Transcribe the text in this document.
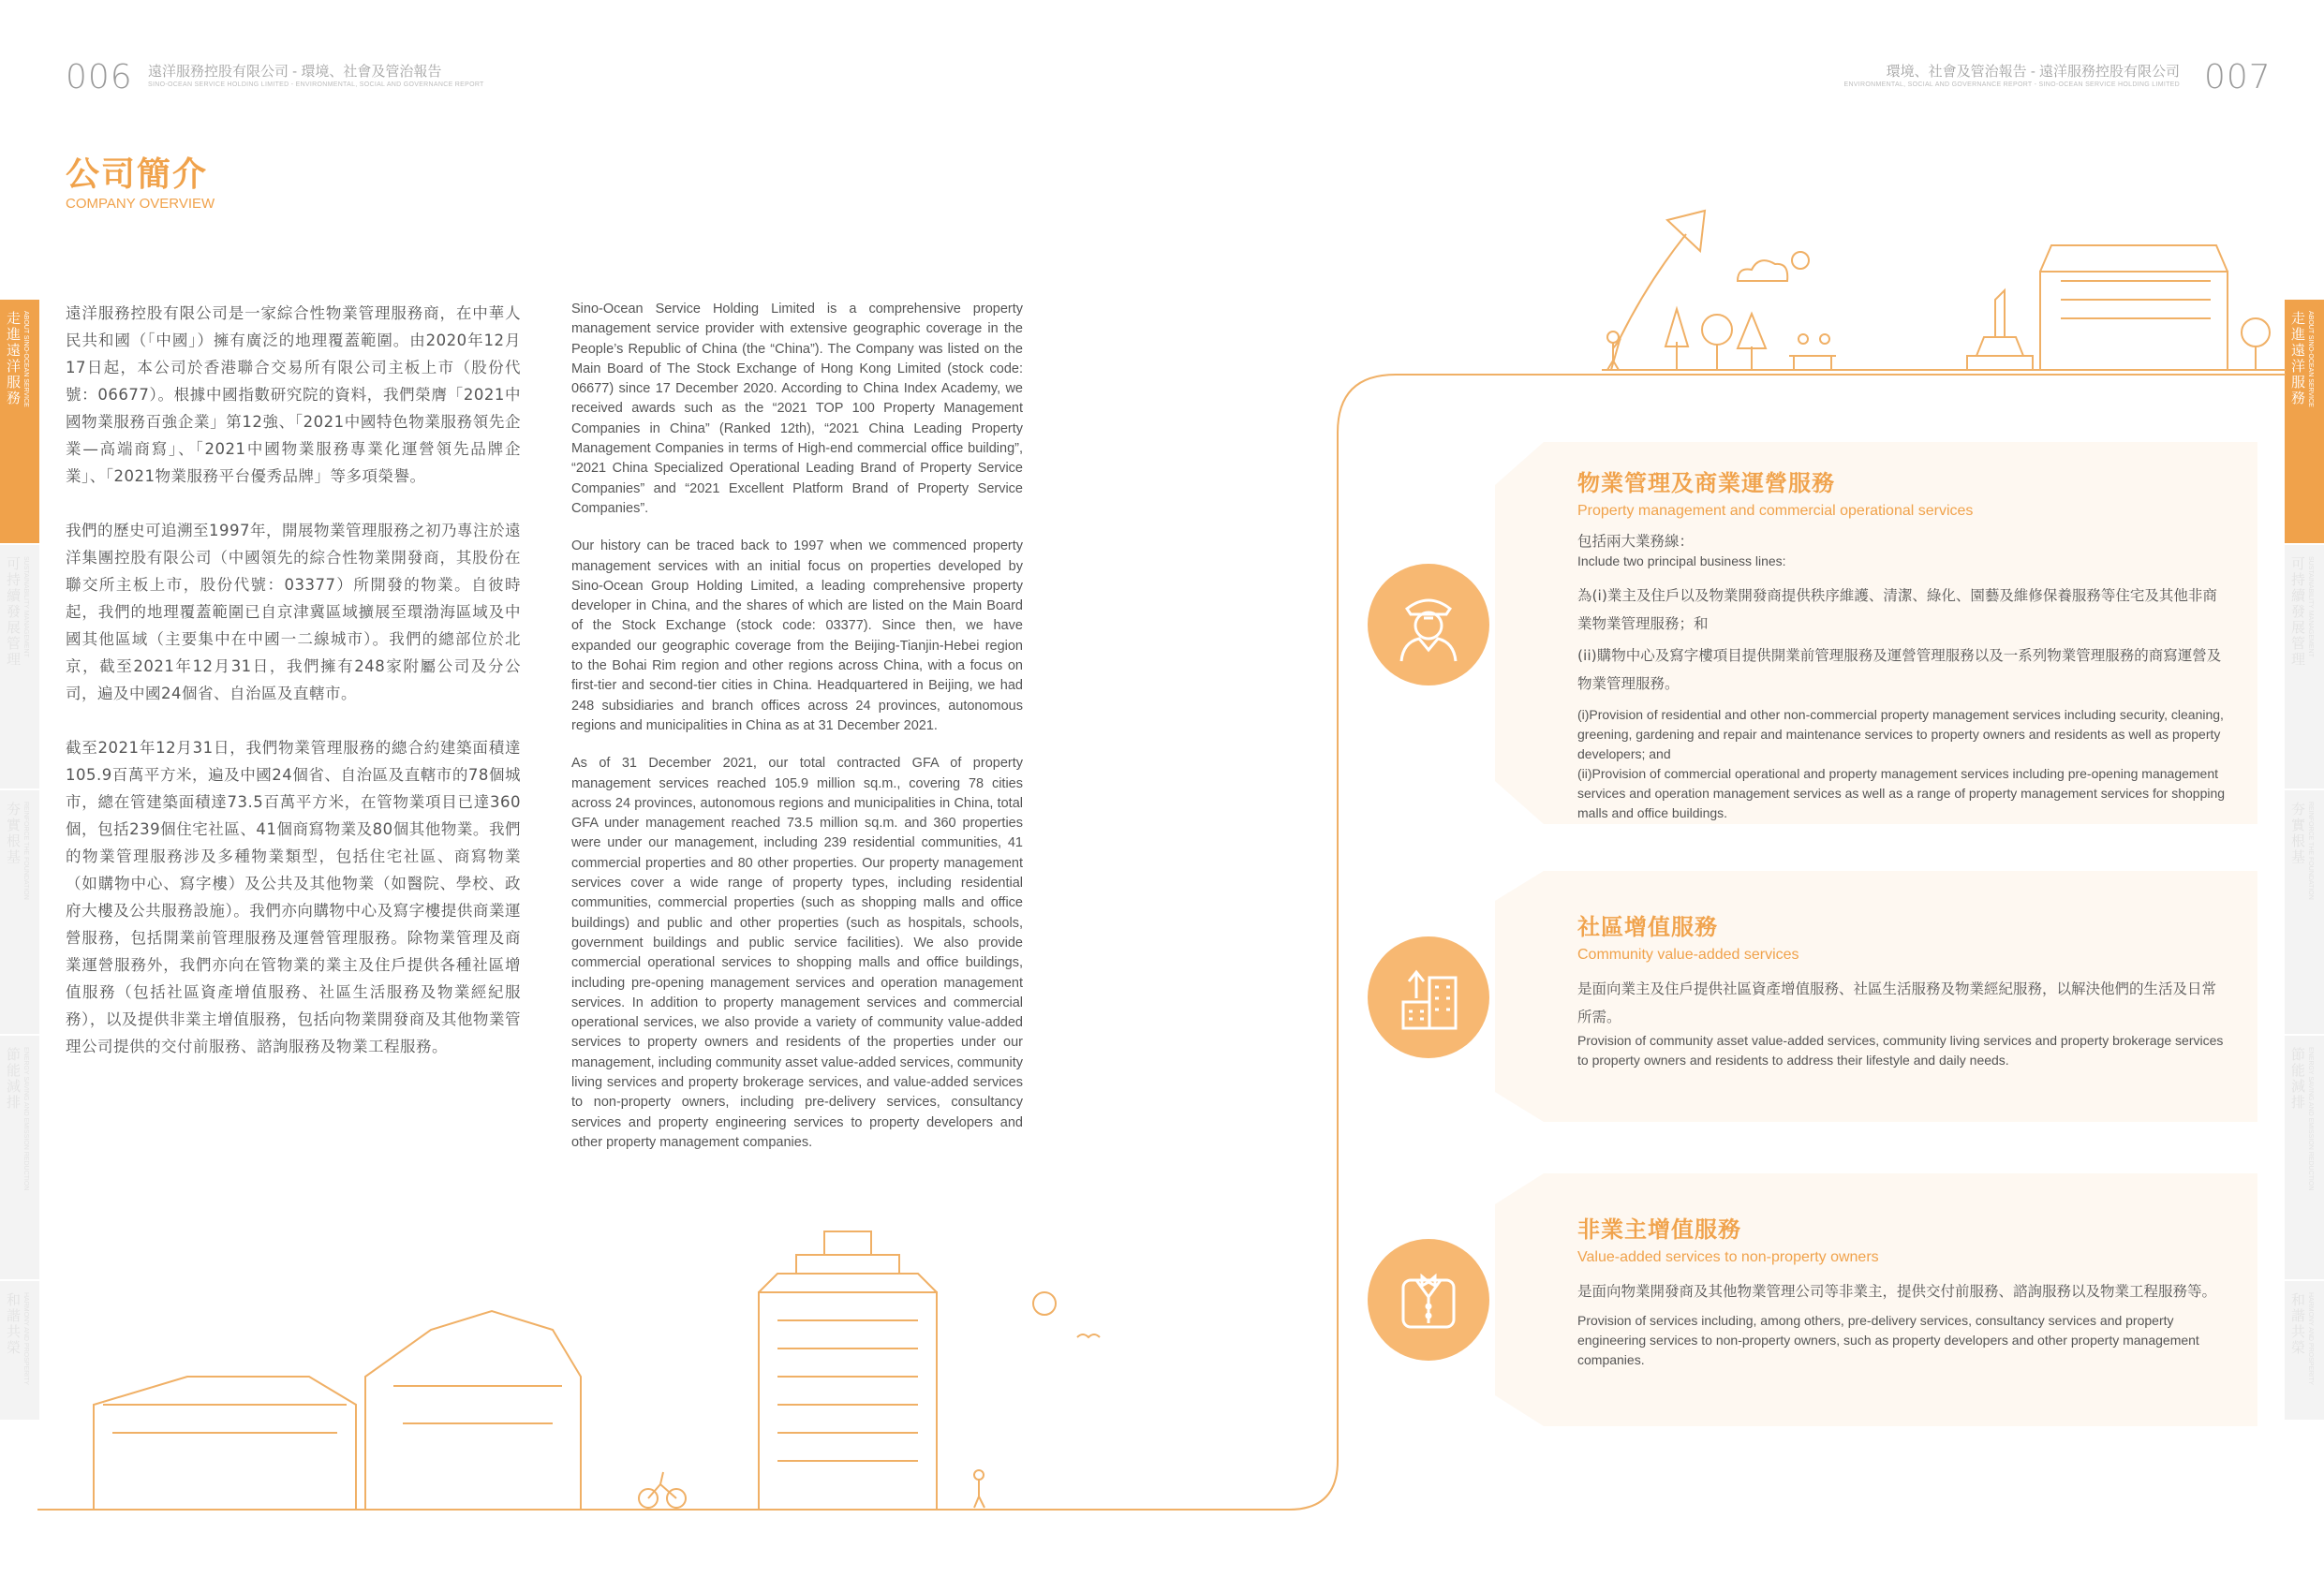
006 遠洋服務控股有限公司 - 環境、社會及管治報告
SINO-OCEAN SERVICE HOLDING LIMITED - ENVIRONMENTAL, SOCIAL AND GOVERNANCE REPORT
環境、社會及管治報告 - 遠洋服務控股有限公司
ENVIRONMENTAL, SOCIAL AND GOVERNANCE REPORT - SINO-OCEAN SERVICE HOLDING LIMITED 007
公司簡介
COMPANY OVERVIEW
走進遠洋服務 ABOUT SINO-OCEAN SERVICE
可持續發展管理 SUSTAINABILITY MANAGEMENT
夯實根基 REINFORCE THE FOUNDATION
節能減排 ENERGY SAVING AND EMISSION REDUCTION
和諧共榮 HARMONY AND PROSPERITY
走進遠洋服務 ABOUT SINO-OCEAN SERVICE
可持續發展管理 SUSTAINABILITY MANAGEMENT
夯實根基 REINFORCE THE FOUNDATION
節能減排 ENERGY SAVING AND EMISSION REDUCTION
和諧共榮 HARMONY AND PROSPERITY

遠洋服務控股有限公司是一家綜合性物業管理服務商，在中華人民共和國（「中國」）擁有廣泛的地理覆蓋範圍。由2020年12月17日起，本公司於香港聯合交易所有限公司主板上市（股份代號：06677）。根據中國指數研究院的資料，我們榮膺「2021中國物業服務百強企業」第12強、「2021中國特色物業服務領先企業—高端商寫」、「2021中國物業服務專業化運營領先品牌企業」、「2021物業服務平台優秀品牌」等多項榮譽。

我們的歷史可追溯至1997年，開展物業管理服務之初乃專注於遠洋集團控股有限公司（中國領先的綜合性物業開發商，其股份在聯交所主板上市，股份代號：03377）所開發的物業。自彼時起，我們的地理覆蓋範圍已自京津冀區域擴展至環渤海區域及中國其他區域（主要集中在中國一二線城市）。我們的總部位於北京，截至2021年12月31日，我們擁有248家附屬公司及分公司，遍及中國24個省、自治區及直轄市。

截至2021年12月31日，我們物業管理服務的總合約建築面積達105.9百萬平方米，遍及中國24個省、自治區及直轄市的78個城市，總在管建築面積達73.5百萬平方米，在管物業項目已達360個，包括239個住宅社區、41個商寫物業及80個其他物業。我們的物業管理服務涉及多種物業類型，包括住宅社區、商寫物業（如購物中心、寫字樓）及公共及其他物業（如醫院、學校、政府大樓及公共服務設施）。我們亦向購物中心及寫字樓提供商業運營服務，包括開業前管理服務及運營管理服務。除物業管理及商業運營服務外，我們亦向在管物業的業主及住戶提供各種社區增值服務（包括社區資產增值服務、社區生活服務及物業經紀服務），以及提供非業主增值服務，包括向物業開發商及其他物業管理公司提供的交付前服務、諮詢服務及物業工程服務。

Sino-Ocean Service Holding Limited is a comprehensive property management service provider with extensive geographic coverage in the People’s Republic of China (the “China”). The Company was listed on the Main Board of The Stock Exchange of Hong Kong Limited (stock code: 06677) since 17 December 2020. According to China Index Academy, we received awards such as the “2021 TOP 100 Property Management Companies in China” (Ranked 12th), “2021 China Leading Property Management Companies in terms of High-end commercial office building”, “2021 China Specialized Operational Leading Brand of Property Service Companies” and “2021 Excellent Platform Brand of Property Service Companies”.

Our history can be traced back to 1997 when we commenced property management services with an initial focus on properties developed by Sino-Ocean Group Holding Limited, a leading comprehensive property developer in China, and the shares of which are listed on the Main Board of the Stock Exchange (stock code: 03377). Since then, we have expanded our geographic coverage from the Beijing-Tianjin-Hebei region to the Bohai Rim region and other regions across China, with a focus on first-tier and second-tier cities in China. Headquartered in Beijing, we had 248 subsidiaries and branch offices across 24 provinces, autonomous regions and municipalities in China as at 31 December 2021.

As of 31 December 2021, our total contracted GFA of property management services reached 105.9 million sq.m., covering 78 cities across 24 provinces, autonomous regions and municipalities in China, total GFA under management reached 73.5 million sq.m. and 360 properties were under our management, including 239 residential communities, 41 commercial properties and 80 other properties. Our property management services cover a wide range of property types, including residential communities, commercial properties (such as shopping malls and office buildings) and public and other properties (such as hospitals, schools, government buildings and public service facilities). We also provide commercial operational services to shopping malls and office buildings, including pre-opening management services and operation management services. In addition to property management services and commercial operational services, we also provide a variety of community value-added services to property owners and residents of the properties under our management, including community asset value-added services, community living services and property brokerage services, and value-added services to non-property owners, including pre-delivery services, consultancy services and property engineering services to property developers and other property management companies.

物業管理及商業運營服務
Property management and commercial operational services
包括兩大業務線：
Include two principal business lines:
為(i)業主及住戶以及物業開發商提供秩序維護、清潔、綠化、園藝及維修保養服務等住宅及其他非商業物業管理服務；和
(ii)購物中心及寫字樓項目提供開業前管理服務及運營管理服務以及一系列物業管理服務的商寫運營及物業管理服務。
(i)Provision of residential and other non-commercial property management services including security, cleaning, greening, gardening and repair and maintenance services to property owners and residents as well as property developers; and
(ii)Provision of commercial operational and property management services including pre-opening management services and operation management services as well as a range of property management services for shopping malls and office buildings.
社區增值服務
Community value-added services
是面向業主及住戶提供社區資產增值服務、社區生活服務及物業經紀服務，以解決他們的生活及日常所需。
Provision of community asset value-added services, community living services and property brokerage services to property owners and residents to address their lifestyle and daily needs.
非業主增值服務
Value-added services to non-property owners
是面向物業開發商及其他物業管理公司等非業主，提供交付前服務、諮詢服務以及物業工程服務等。
Provision of services including, among others, pre-delivery services, consultancy services and property engineering services to non-property owners, such as property developers and other property management companies.
